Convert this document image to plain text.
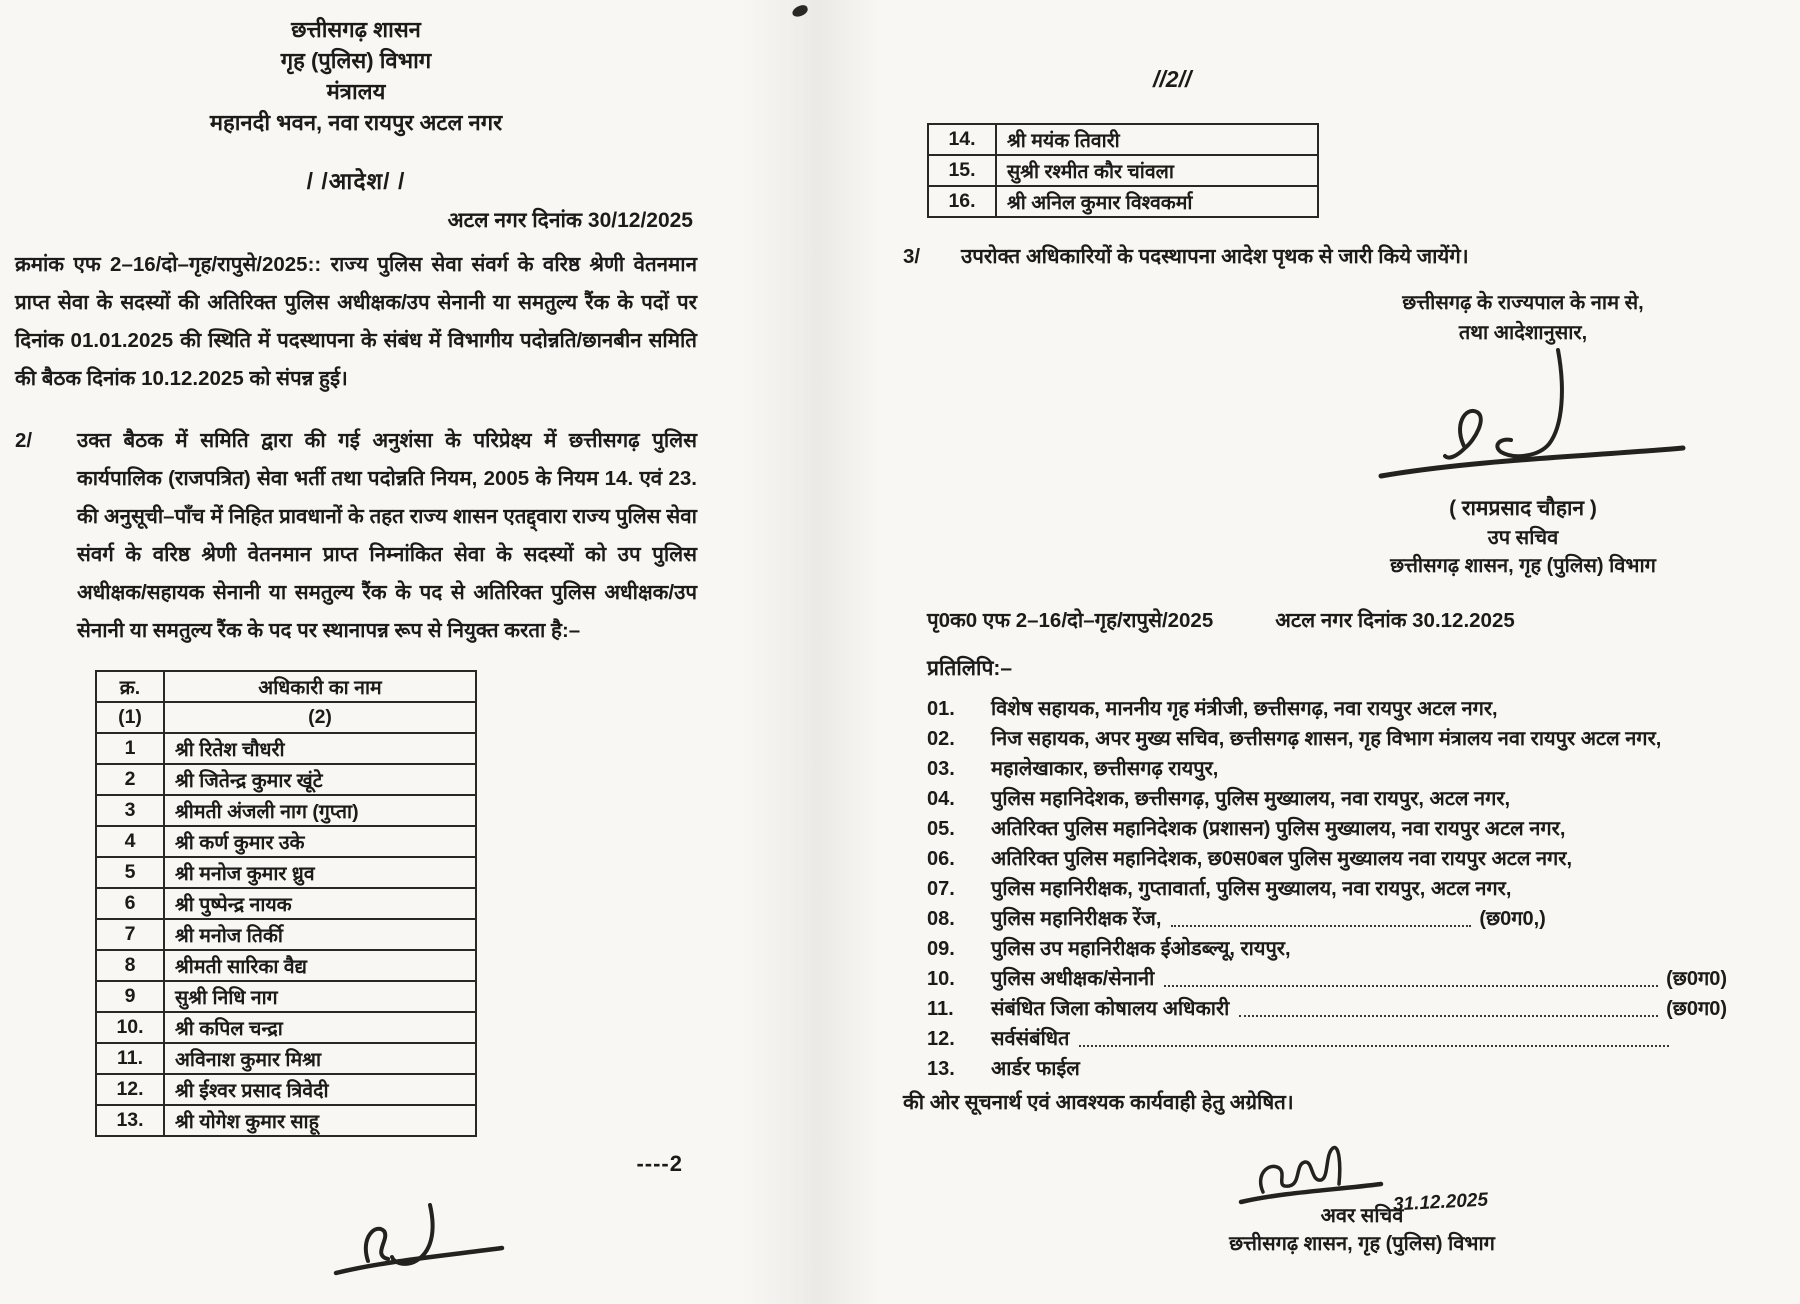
छत्तीसगढ़ शासन
गृह (पुलिस) विभाग
मंत्रालय
महानदी भवन, नवा रायपुर अटल नगर
/ /आदेश/ /
अटल नगर दिनांक 30/12/2025
क्रमांक एफ 2–16/दो–गृह/रापुसे/2025:: राज्य पुलिस सेवा संवर्ग के वरिष्ठ श्रेणी वेतनमान प्राप्त सेवा के सदस्यों की अतिरिक्त पुलिस अधीक्षक/उप सेनानी या समतुल्य रैंक के पदों पर दिनांक 01.01.2025 की स्थिति में पदस्थापना के संबंध में विभागीय पदोन्नति/छानबीन समिति की बैठक दिनांक 10.12.2025 को संपन्न हुई।
2/	उक्त बैठक में समिति द्वारा की गई अनुशंसा के परिप्रेक्ष्य में छत्तीसगढ़ पुलिस कार्यपालिक (राजपत्रित) सेवा भर्ती तथा पदोन्नति नियम, 2005 के नियम 14. एवं 23. की अनुसूची–पाँच में निहित प्रावधानों के तहत राज्य शासन एतद्द्वारा राज्य पुलिस सेवा संवर्ग के वरिष्ठ श्रेणी वेतनमान प्राप्त निम्नांकित सेवा के सदस्यों को उप पुलिस अधीक्षक/सहायक सेनानी या समतुल्य रैंक के पद से अतिरिक्त पुलिस अधीक्षक/उप सेनानी या समतुल्य रैंक के पद पर स्थानापन्न रूप से नियुक्त करता है:–
क्र.	अधिकारी का नाम
(1)	(2)
1	श्री रितेश चौधरी
2	श्री जितेन्द्र कुमार खूंटे
3	श्रीमती अंजली नाग (गुप्ता)
4	श्री कर्ण कुमार उके
5	श्री मनोज कुमार ध्रुव
6	श्री पुष्पेन्द्र नायक
7	श्री मनोज तिर्की
8	श्रीमती सारिका वैद्य
9	सुश्री निधि नाग
10.	श्री कपिल चन्द्रा
11.	अविनाश कुमार मिश्रा
12.	श्री ईश्वर प्रसाद त्रिवेदी
13.	श्री योगेश कुमार साहू
----2
//2//
14.	श्री मयंक तिवारी
15.	सुश्री रश्मीत कौर चांवला
16.	श्री अनिल कुमार विश्वकर्मा
3/	उपरोक्त अधिकारियों के पदस्थापना आदेश पृथक से जारी किये जायेंगे।
छत्तीसगढ़ के राज्यपाल के नाम से,
तथा आदेशानुसार,
( रामप्रसाद चौहान )
उप सचिव
छत्तीसगढ़ शासन, गृह (पुलिस) विभाग
पृ0क0 एफ 2–16/दो–गृह/रापुसे/2025	अटल नगर दिनांक 30.12.2025
प्रतिलिपि:–
01.	विशेष सहायक, माननीय गृह मंत्रीजी, छत्तीसगढ़, नवा रायपुर अटल नगर,
02.	निज सहायक, अपर मुख्य सचिव, छत्तीसगढ़ शासन, गृह विभाग मंत्रालय नवा रायपुर अटल नगर,
03.	महालेखाकार, छत्तीसगढ़ रायपुर,
04.	पुलिस महानिदेशक, छत्तीसगढ़, पुलिस मुख्यालय, नवा रायपुर, अटल नगर,
05.	अतिरिक्त पुलिस महानिदेशक (प्रशासन) पुलिस मुख्यालय, नवा रायपुर अटल नगर,
06.	अतिरिक्त पुलिस महानिदेशक, छ0स0बल पुलिस मुख्यालय नवा रायपुर अटल नगर,
07.	पुलिस महानिरीक्षक, गुप्तावार्ता, पुलिस मुख्यालय, नवा रायपुर, अटल नगर,
08.	पुलिस महानिरीक्षक रेंज,	(छ0ग0,)
09.	पुलिस उप महानिरीक्षक ईओडब्ल्यू, रायपुर,
10.	पुलिस अधीक्षक/सेनानी	(छ0ग0)
11.	संबंधित जिला कोषालय अधिकारी	(छ0ग0)
12.	सर्वसंबंधित
13.	आर्डर फाईल
की ओर सूचनार्थ एवं आवश्यक कार्यवाही हेतु अग्रेषित।
31.12.2025
अवर सचिव
छत्तीसगढ़ शासन, गृह (पुलिस) विभाग
